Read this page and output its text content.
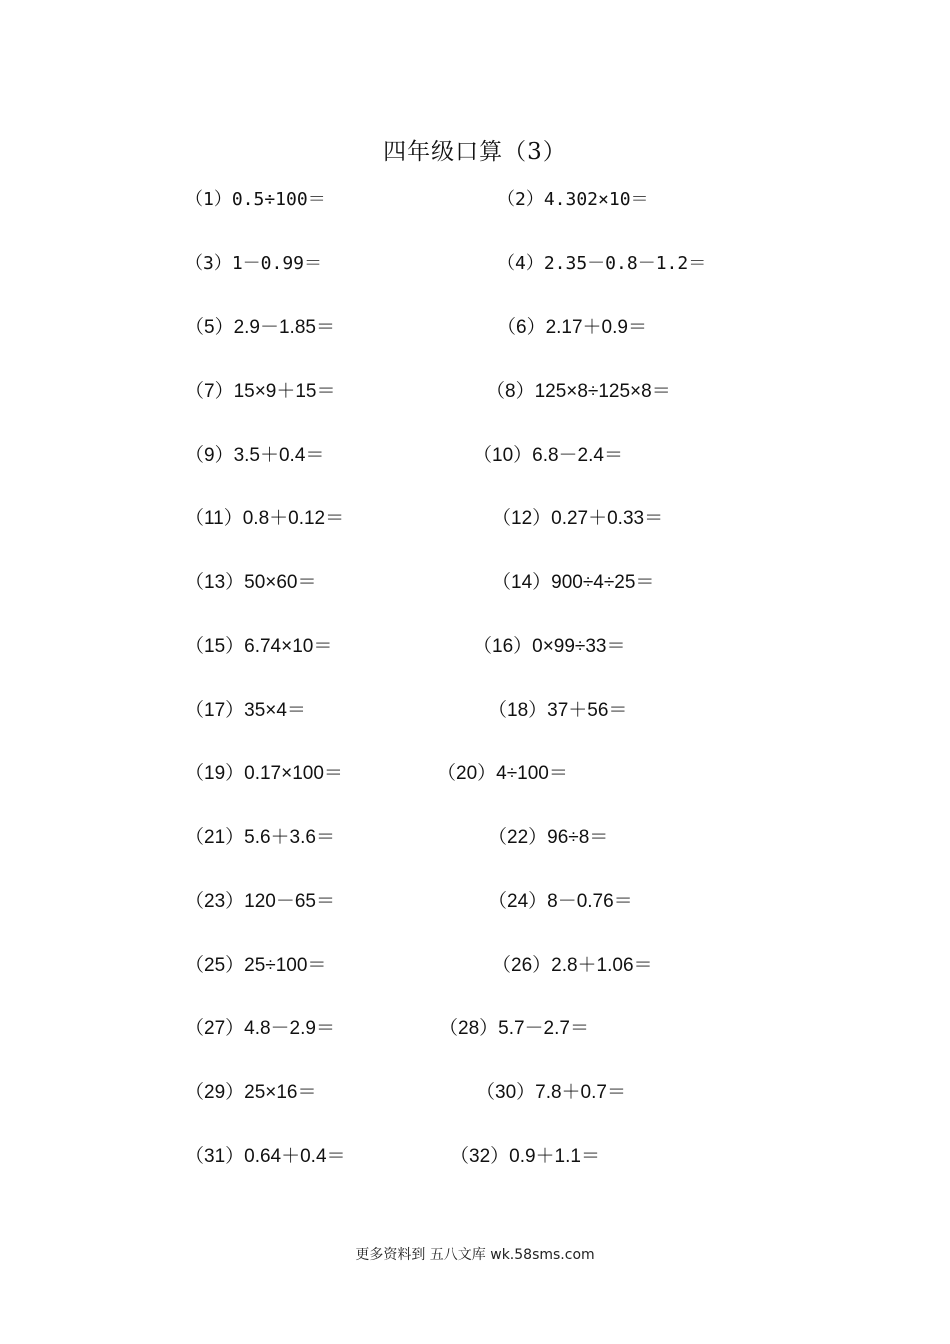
四年级口算（3）
（1）0.5÷100＝	（2）4.302×10＝
（3）1－0.99＝	（4）2.35－0.8－1.2＝
（5）2.9－1.85＝	（6）2.17＋0.9＝
（7）15×9＋15＝	（8）125×8÷125×8＝
（9）3.5＋0.4＝	（10）6.8－2.4＝
（11）0.8＋0.12＝	（12）0.27＋0.33＝
（13）50×60＝	（14）900÷4÷25＝
（15）6.74×10＝	（16）0×99÷33＝
（17）35×4＝	（18）37＋56＝
（19）0.17×100＝	（20）4÷100＝
（21）5.6＋3.6＝	（22）96÷8＝
（23）120－65＝	（24）8－0.76＝
（25）25÷100＝	（26）2.8＋1.06＝
（27）4.8－2.9＝	（28）5.7－2.7＝
（29）25×16＝	（30）7.8＋0.7＝
（31）0.64＋0.4＝	（32）0.9＋1.1＝
更多资料到 五八文库 wk.58sms.com
